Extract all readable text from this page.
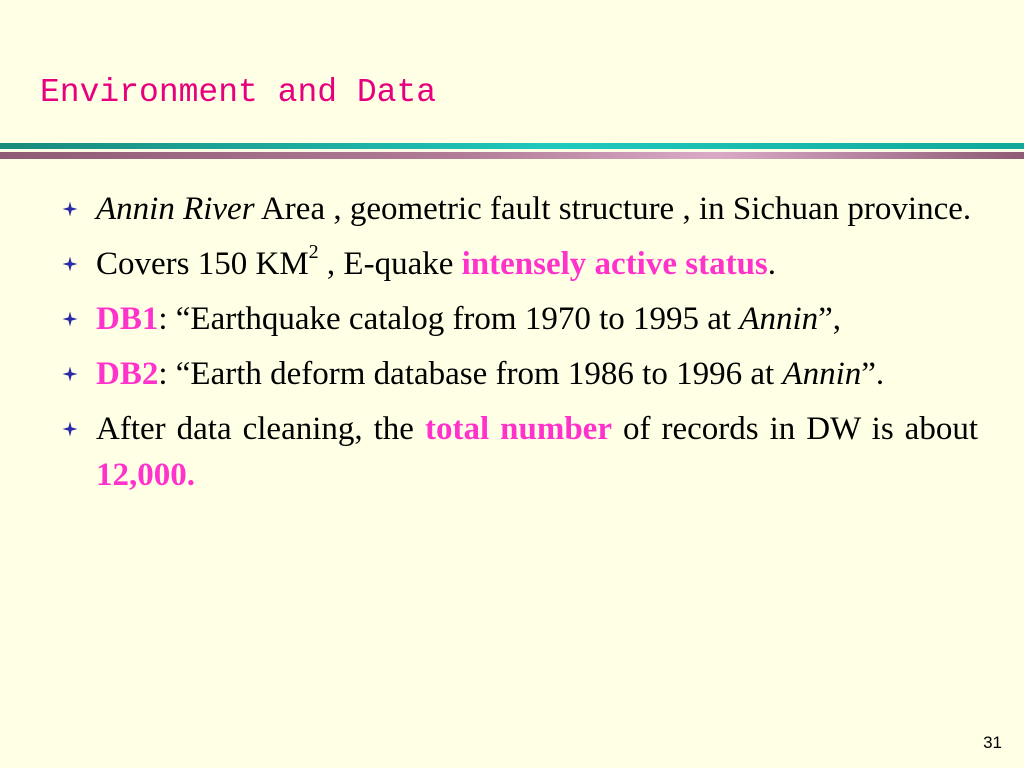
Environment and Data
Annin River Area , geometric fault structure , in Sichuan province.
Covers 150 $KM^2$ , E-quake intensely active status.
DB1: “Earthquake catalog from 1970 to 1995 at Annin”,
DB2: “Earth deform database from 1986 to 1996 at Annin”.
After data cleaning, the total number of records in DW is about 12,000.
31
